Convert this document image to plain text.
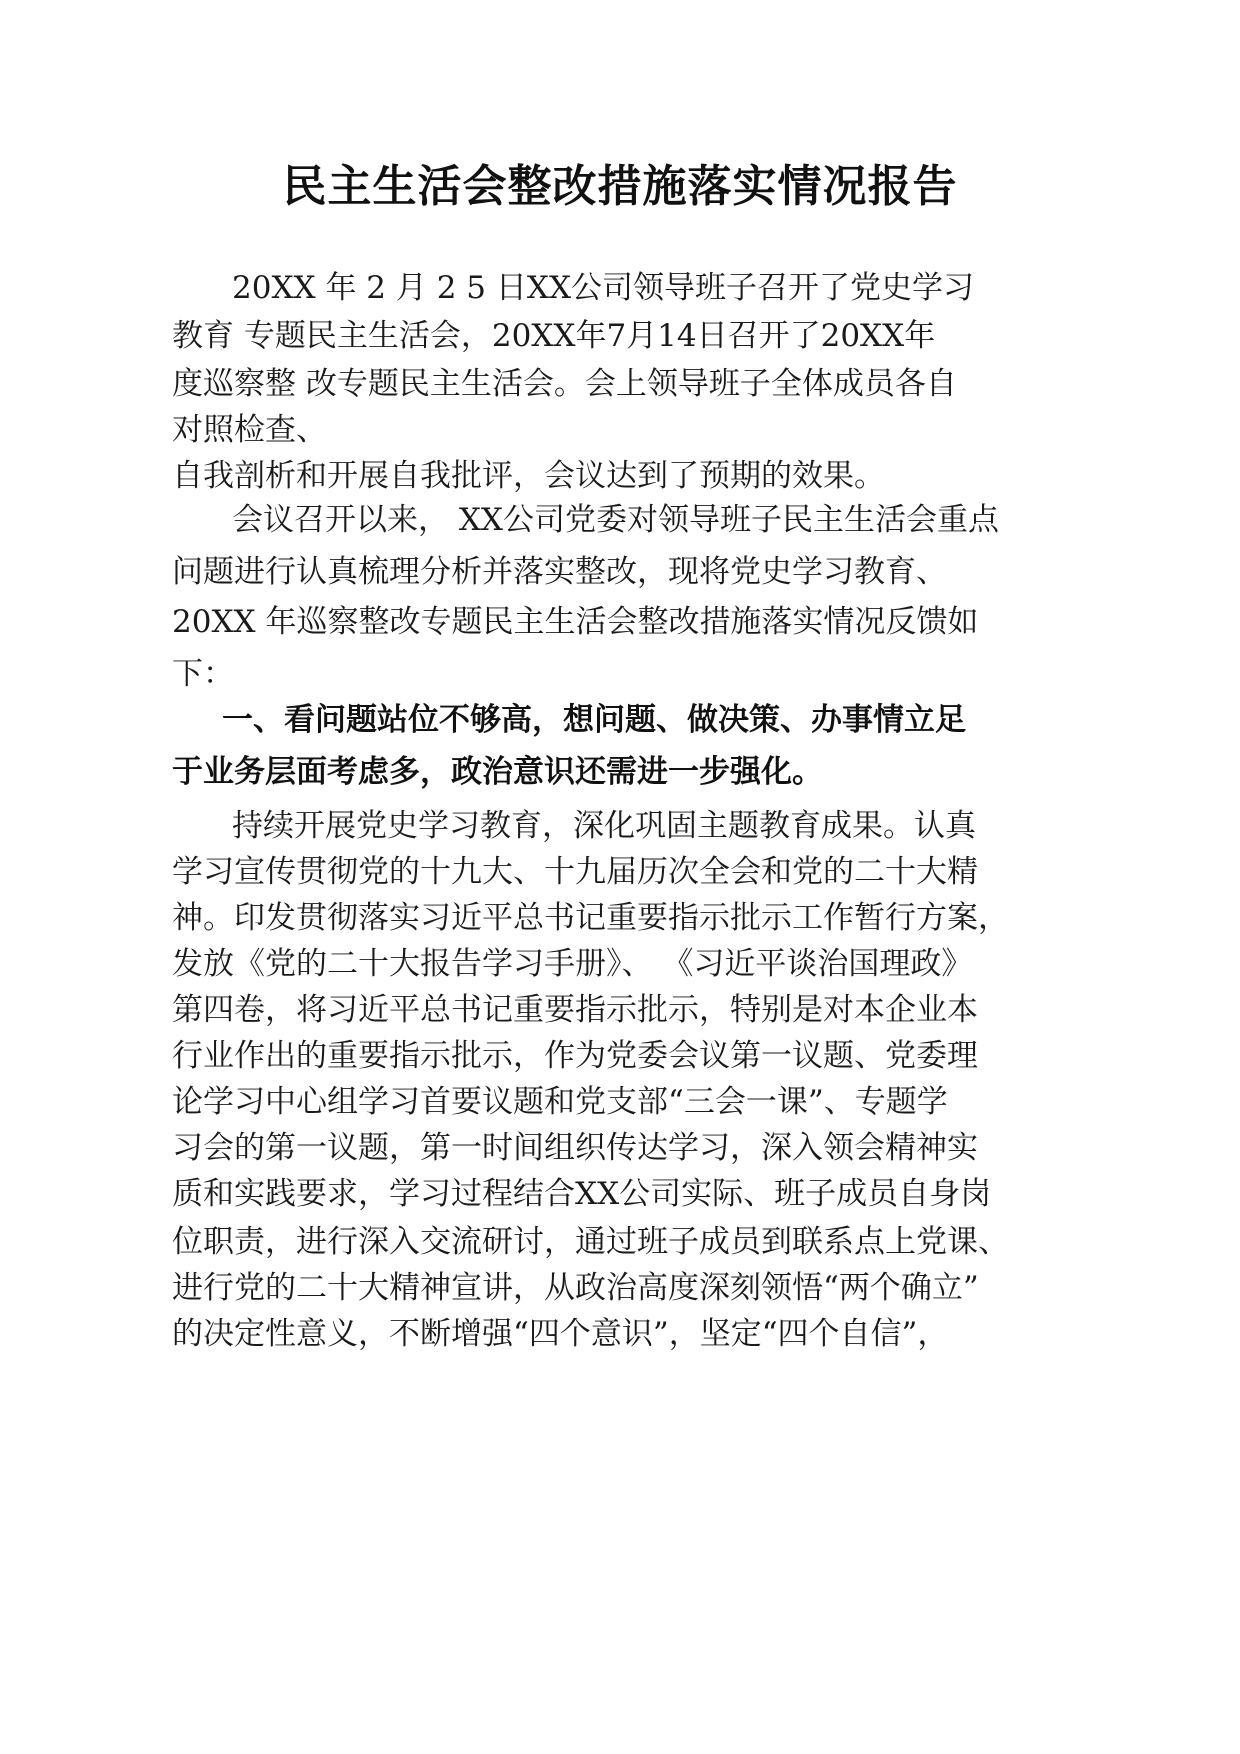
民主生活会整改措施落实情况报告
20XX 年 2 月 2 5 日XX公司领导班子召开了党史学习
教育 专题民主生活会，20XX年7月14日召开了20XX年
度巡察整 改专题民主生活会。会上领导班子全体成员各自
对照检查、
自我剖析和开展自我批评，会议达到了预期的效果。
会议召开以来， XX公司党委对领导班子民主生活会重点
问题进行认真梳理分析并落实整改，现将党史学习教育、
20XX 年巡察整改专题民主生活会整改措施落实情况反馈如
下：
一、看问题站位不够高，想问题、做决策、办事情立足
于业务层面考虑多，政治意识还需进一步强化。
持续开展党史学习教育，深化巩固主题教育成果。认真
学习宣传贯彻党的十九大、十九届历次全会和党的二十大精
神。印发贯彻落实习近平总书记重要指示批示工作暂行方案，
发放《党的二十大报告学习手册》、 《习近平谈治国理政》
第四卷，将习近平总书记重要指示批示，特别是对本企业本
行业作出的重要指示批示，作为党委会议第一议题、党委理
论学习中心组学习首要议题和党支部“三会一课”、专题学
习会的第一议题，第一时间组织传达学习，深入领会精神实
质和实践要求，学习过程结合XX公司实际、班子成员自身岗
位职责，进行深入交流研讨，通过班子成员到联系点上党课、
进行党的二十大精神宣讲，从政治高度深刻领悟“两个确立”
的决定性意义，不断增强“四个意识”，坚定“四个自信”，
